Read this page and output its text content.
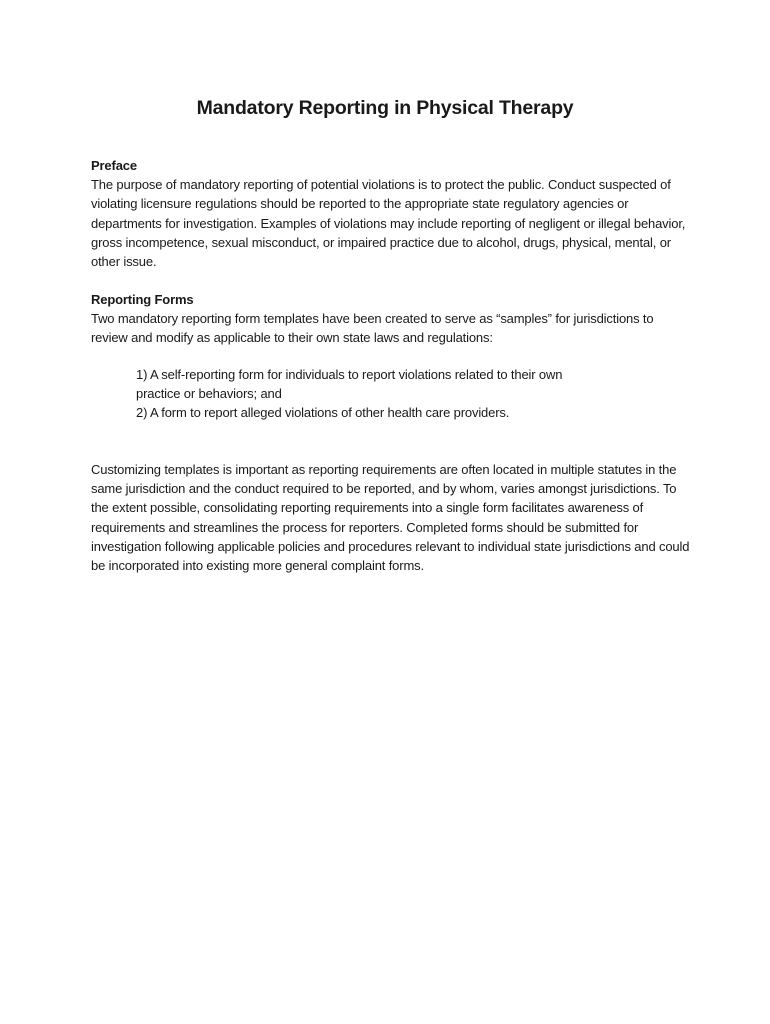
Mandatory Reporting in Physical Therapy
Preface
The purpose of mandatory reporting of potential violations is to protect the public. Conduct suspected of violating licensure regulations should be reported to the appropriate state regulatory agencies or departments for investigation. Examples of violations may include reporting of negligent or illegal behavior, gross incompetence, sexual misconduct, or impaired practice due to alcohol, drugs, physical, mental, or other issue.
Reporting Forms
Two mandatory reporting form templates have been created to serve as “samples” for jurisdictions to review and modify as applicable to their own state laws and regulations:
1) A self-reporting form for individuals to report violations related to their own practice or behaviors; and
2) A form to report alleged violations of other health care providers.
Customizing templates is important as reporting requirements are often located in multiple statutes in the same jurisdiction and the conduct required to be reported, and by whom, varies amongst jurisdictions. To the extent possible, consolidating reporting requirements into a single form facilitates awareness of requirements and streamlines the process for reporters. Completed forms should be submitted for investigation following applicable policies and procedures relevant to individual state jurisdictions and could be incorporated into existing more general complaint forms.
